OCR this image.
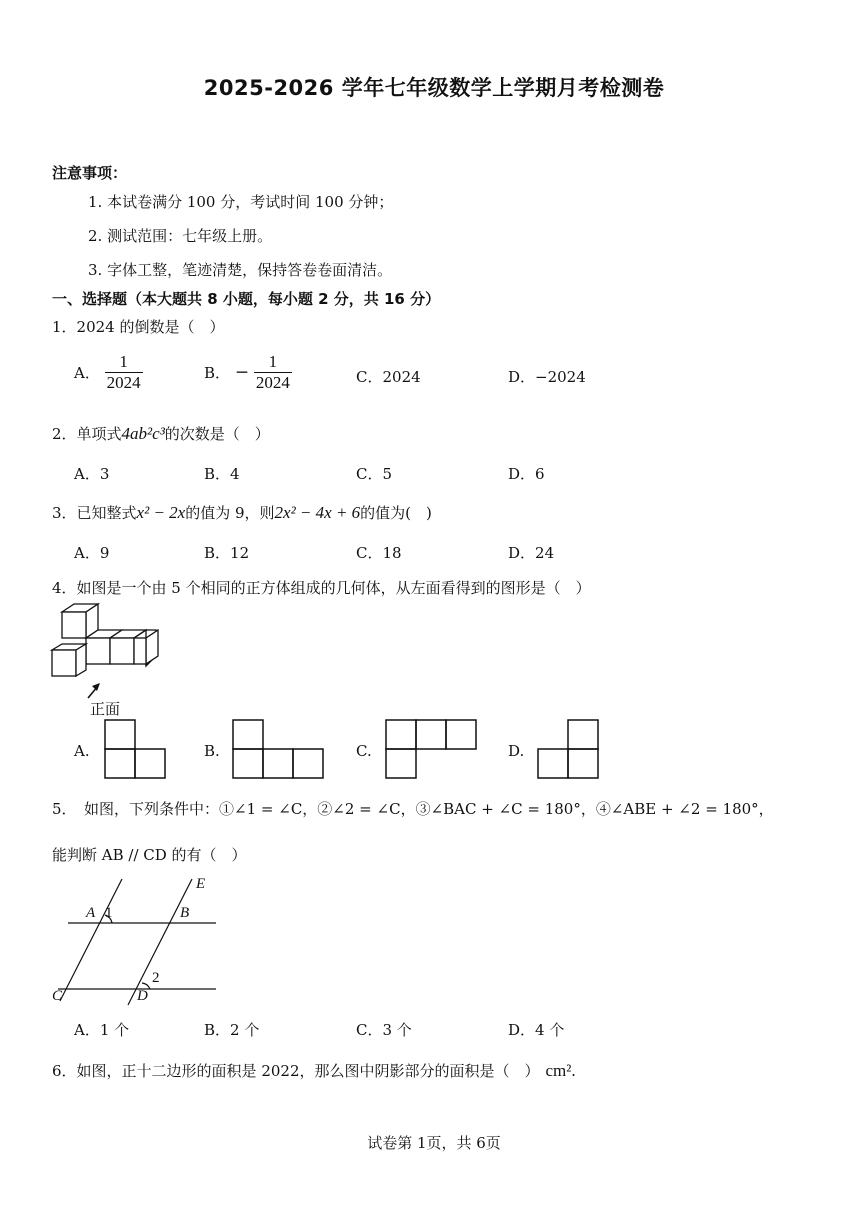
2025-2026 学年七年级数学上学期月考检测卷
注意事项：
1. 本试卷满分 100 分，考试时间 100 分钟；
2. 测试范围：七年级上册。
3. 字体工整，笔迹清楚，保持答卷卷面清洁。
一、选择题（本大题共 8 小题，每小题 2 分，共 16 分）
1．2024 的倒数是（　）
A． $\frac{1}{2024}$	B． − $\frac{1}{2024}$	C．2024	D．−2024
2．单项式4ab²c³的次数是（　）
A．3	B．4	C．5	D．6
3．已知整式x² − 2x的值为 9，则2x² − 4x + 6的值为(　)
A．9	B．12	C．18	D．24
4．如图是一个由 5 个相同的正方体组成的几何体，从左面看得到的图形是（　）
正面
A.	B.	C.	D.
5．　如图，下列条件中：①∠1 = ∠C，②∠2 = ∠C，③∠BAC + ∠C = 180°，④∠ABE + ∠2 = 180°，
能判断 AB // CD 的有（　）
A 1	B
E
2
C	D
A．1 个	B．2 个	C．3 个	D．4 个
6．如图，正十二边形的面积是 2022，那么图中阴影部分的面积是（　） cm².
试卷第 1页，共 6页
